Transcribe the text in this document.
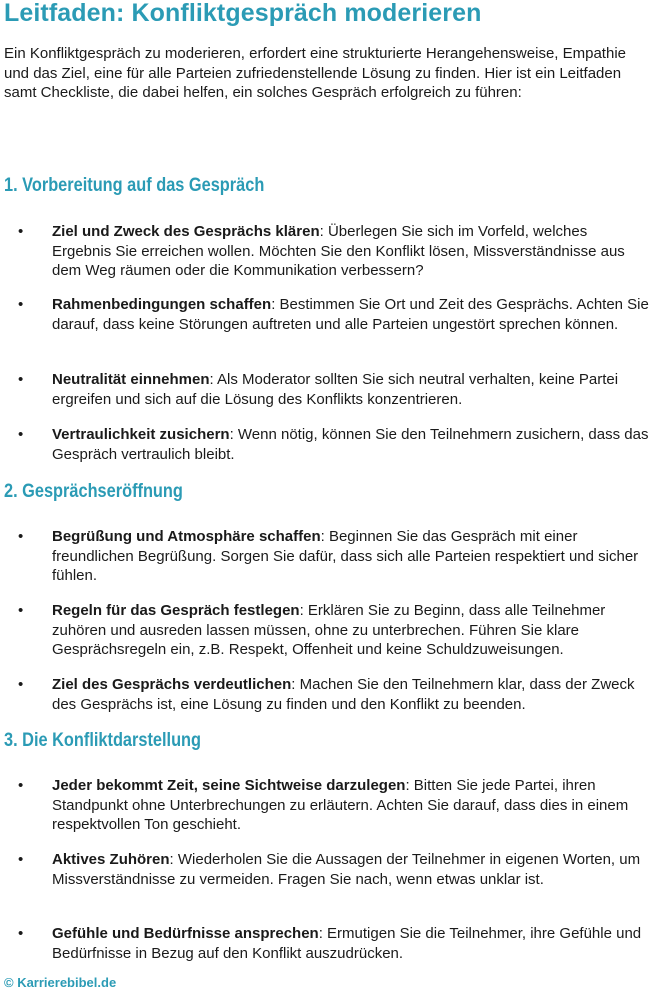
Leitfaden: Konfliktgespräch moderieren

Ein Konfliktgespräch zu moderieren, erfordert eine strukturierte Herangehensweise, Empathie und das Ziel, eine für alle Parteien zufriedenstellende Lösung zu finden. Hier ist ein Leitfaden samt Checkliste, die dabei helfen, ein solches Gespräch erfolgreich zu führen:

1. Vorbereitung auf das Gespräch
• Ziel und Zweck des Gesprächs klären: Überlegen Sie sich im Vorfeld, welches Ergebnis Sie erreichen wollen. Möchten Sie den Konflikt lösen, Missverständnisse aus dem Weg räumen oder die Kommunikation verbessern?
• Rahmenbedingungen schaffen: Bestimmen Sie Ort und Zeit des Gesprächs. Achten Sie darauf, dass keine Störungen auftreten und alle Parteien ungestört sprechen können.
• Neutralität einnehmen: Als Moderator sollten Sie sich neutral verhalten, keine Partei ergreifen und sich auf die Lösung des Konflikts konzentrieren.
• Vertraulichkeit zusichern: Wenn nötig, können Sie den Teilnehmern zusichern, dass das Gespräch vertraulich bleibt.
2. Gesprächseröffnung
• Begrüßung und Atmosphäre schaffen: Beginnen Sie das Gespräch mit einer freundlichen Begrüßung. Sorgen Sie dafür, dass sich alle Parteien respektiert und sicher fühlen.
• Regeln für das Gespräch festlegen: Erklären Sie zu Beginn, dass alle Teilnehmer zuhören und ausreden lassen müssen, ohne zu unterbrechen. Führen Sie klare Gesprächsregeln ein, z.B. Respekt, Offenheit und keine Schuldzuweisungen.
• Ziel des Gesprächs verdeutlichen: Machen Sie den Teilnehmern klar, dass der Zweck des Gesprächs ist, eine Lösung zu finden und den Konflikt zu beenden.
3. Die Konfliktdarstellung
• Jeder bekommt Zeit, seine Sichtweise darzulegen: Bitten Sie jede Partei, ihren Standpunkt ohne Unterbrechungen zu erläutern. Achten Sie darauf, dass dies in einem respektvollen Ton geschieht.
• Aktives Zuhören: Wiederholen Sie die Aussagen der Teilnehmer in eigenen Worten, um Missverständnisse zu vermeiden. Fragen Sie nach, wenn etwas unklar ist.
• Gefühle und Bedürfnisse ansprechen: Ermutigen Sie die Teilnehmer, ihre Gefühle und Bedürfnisse in Bezug auf den Konflikt auszudrücken.
© Karrierebibel.de
